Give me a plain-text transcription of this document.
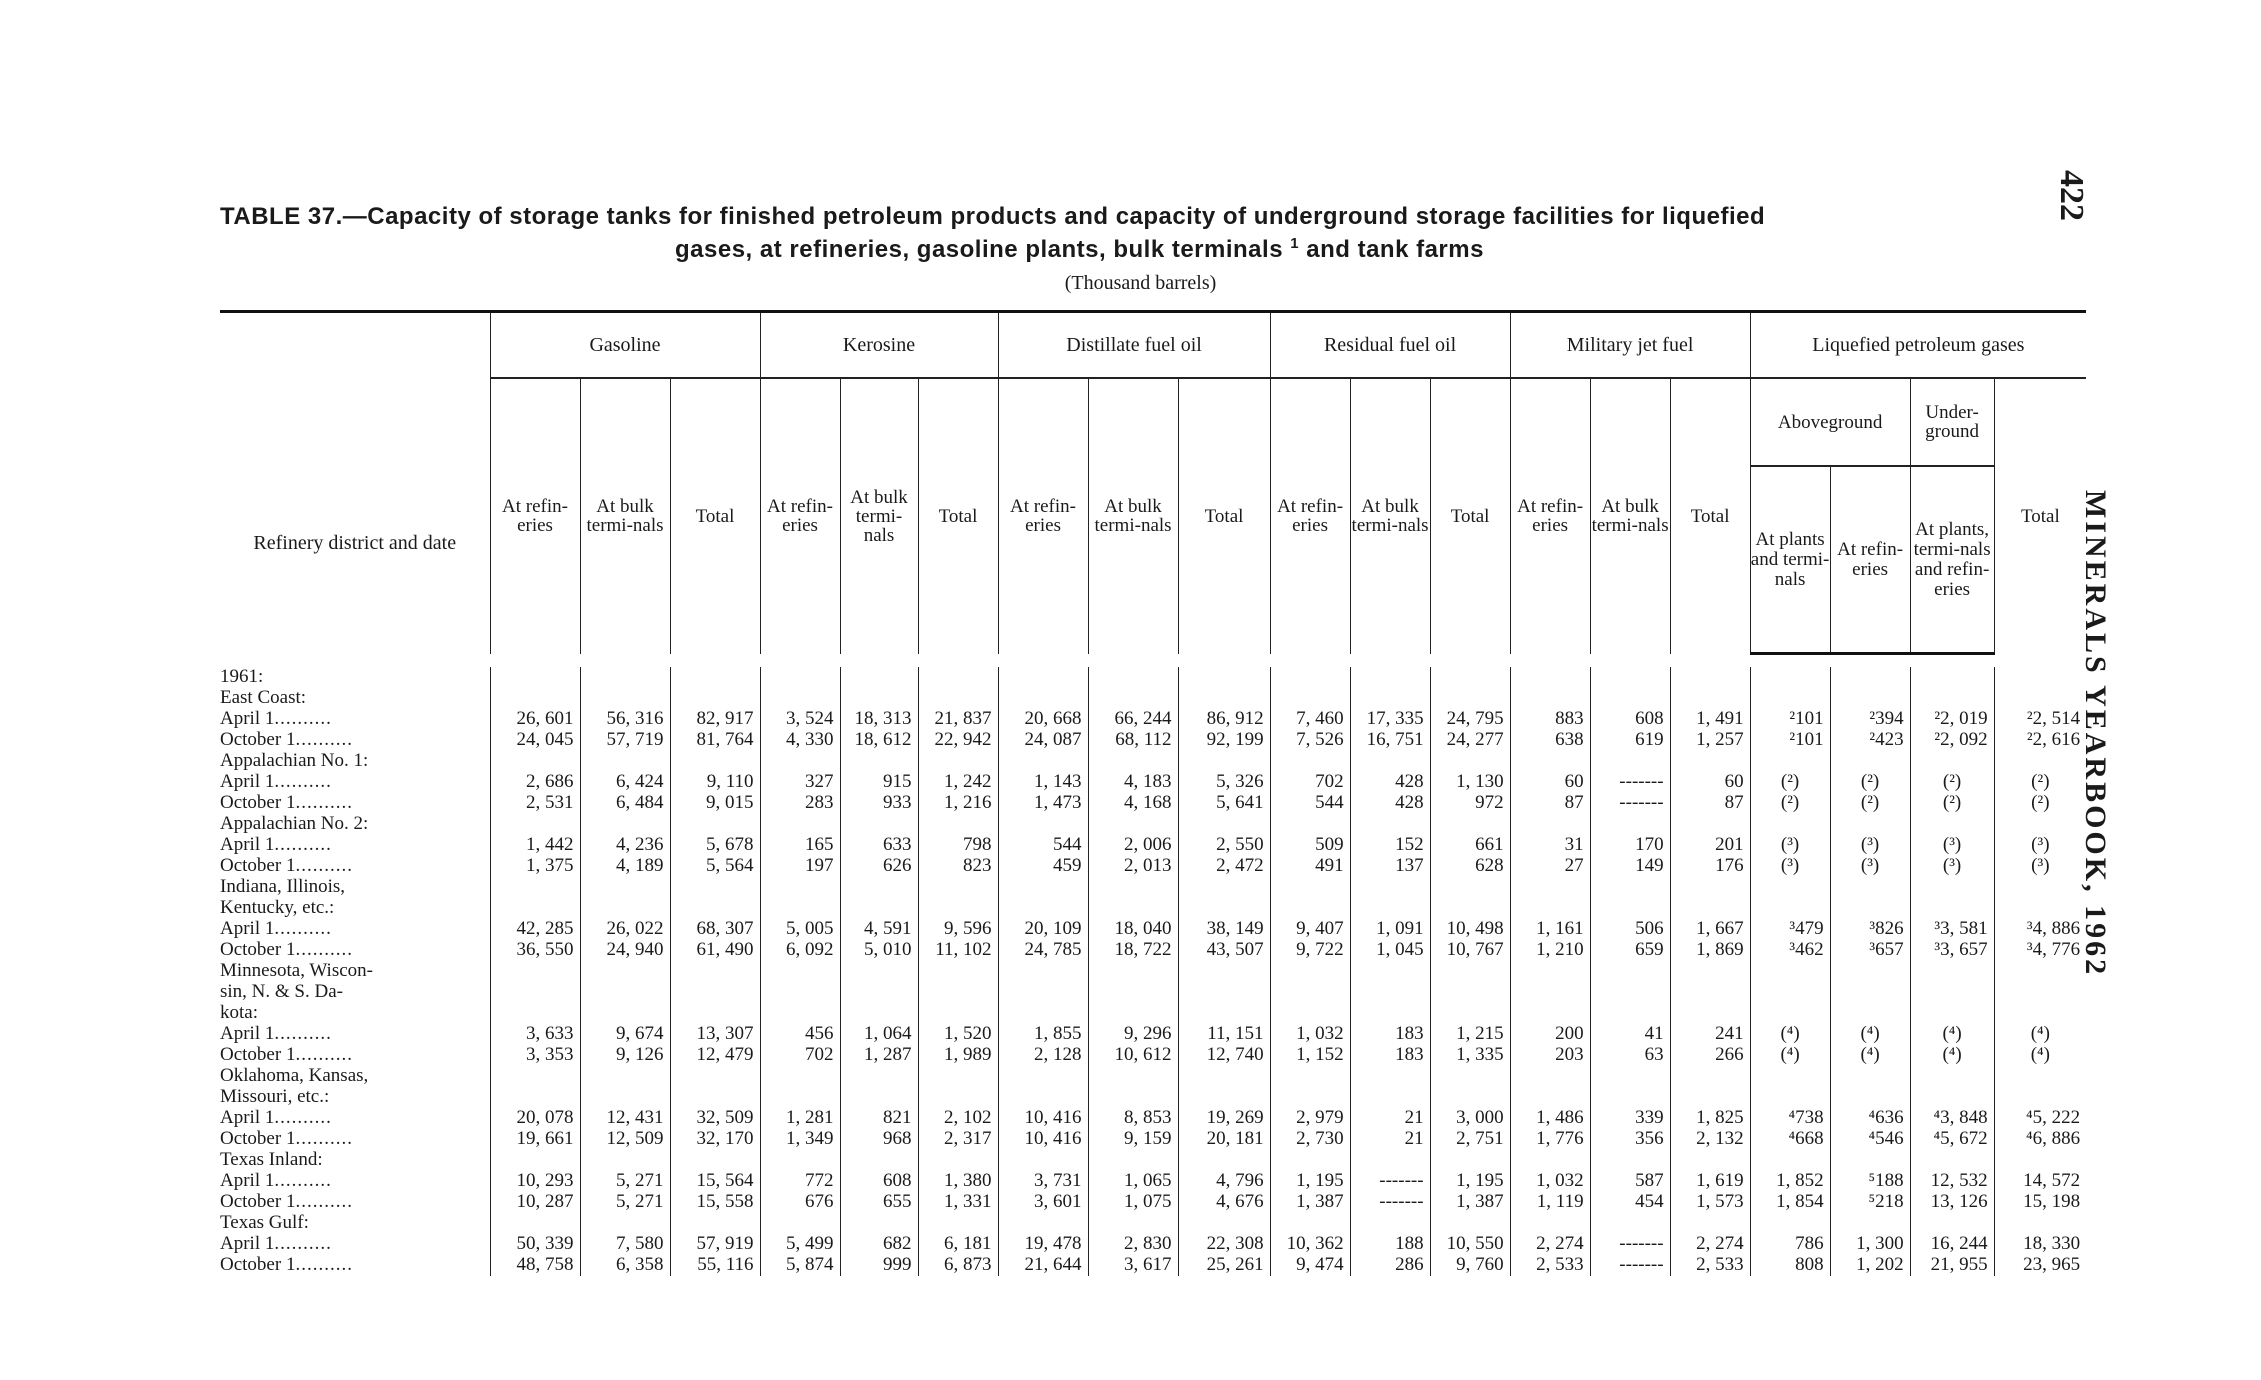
422
MINERALS YEARBOOK, 1962
TABLE 37.—Capacity of storage tanks for finished petroleum products and capacity of underground storage facilities for liquefied
gases, at refineries, gasoline plants, bulk terminals $^1$ and tank farms
(Thousand barrels)
Refinery district and date	Gasoline			Kerosine			Distillate fuel oil			Residual fuel oil			Military jet fuel			Liquefied petroleum gases			
	At refin-eries	At bulk termi-nals	Total	At refin-eries	At bulk termi-nals	Total	At refin-eries	At bulk termi-nals	Total	At refin-eries	At bulk termi-nals	Total	At refin-eries	At bulk termi-nals	Total	Aboveground		Under-ground	Total
																At plants and termi-nals	At refin-eries	At plants, termi-nals and refin-eries	

1961:																			
East Coast:																			
April 1..........	26, 601	56, 316	82, 917	3, 524	18, 313	21, 837	20, 668	66, 244	86, 912	7, 460	17, 335	24, 795	883	608	1, 491	²101	²394	²2, 019	²2, 514
October 1..........	24, 045	57, 719	81, 764	4, 330	18, 612	22, 942	24, 087	68, 112	92, 199	7, 526	16, 751	24, 277	638	619	1, 257	²101	²423	²2, 092	²2, 616
Appalachian No. 1:																			
April 1..........	2, 686	6, 424	9, 110	327	915	1, 242	1, 143	4, 183	5, 326	702	428	1, 130	60	-------	60	(²)	(²)	(²)	(²)
October 1..........	2, 531	6, 484	9, 015	283	933	1, 216	1, 473	4, 168	5, 641	544	428	972	87	-------	87	(²)	(²)	(²)	(²)
Appalachian No. 2:																			
April 1..........	1, 442	4, 236	5, 678	165	633	798	544	2, 006	2, 550	509	152	661	31	170	201	(³)	(³)	(³)	(³)
October 1..........	1, 375	4, 189	5, 564	197	626	823	459	2, 013	2, 472	491	137	628	27	149	176	(³)	(³)	(³)	(³)
Indiana, Illinois,																			
Kentucky, etc.:																			
April 1..........	42, 285	26, 022	68, 307	5, 005	4, 591	9, 596	20, 109	18, 040	38, 149	9, 407	1, 091	10, 498	1, 161	506	1, 667	³479	³826	³3, 581	³4, 886
October 1..........	36, 550	24, 940	61, 490	6, 092	5, 010	11, 102	24, 785	18, 722	43, 507	9, 722	1, 045	10, 767	1, 210	659	1, 869	³462	³657	³3, 657	³4, 776
Minnesota, Wiscon-																			
sin, N. & S. Da-																			
kota:																			
April 1..........	3, 633	9, 674	13, 307	456	1, 064	1, 520	1, 855	9, 296	11, 151	1, 032	183	1, 215	200	41	241	(⁴)	(⁴)	(⁴)	(⁴)
October 1..........	3, 353	9, 126	12, 479	702	1, 287	1, 989	2, 128	10, 612	12, 740	1, 152	183	1, 335	203	63	266	(⁴)	(⁴)	(⁴)	(⁴)
Oklahoma, Kansas,																			
Missouri, etc.:																			
April 1..........	20, 078	12, 431	32, 509	1, 281	821	2, 102	10, 416	8, 853	19, 269	2, 979	21	3, 000	1, 486	339	1, 825	⁴738	⁴636	⁴3, 848	⁴5, 222
October 1..........	19, 661	12, 509	32, 170	1, 349	968	2, 317	10, 416	9, 159	20, 181	2, 730	21	2, 751	1, 776	356	2, 132	⁴668	⁴546	⁴5, 672	⁴6, 886
Texas Inland:																			
April 1..........	10, 293	5, 271	15, 564	772	608	1, 380	3, 731	1, 065	4, 796	1, 195	-------	1, 195	1, 032	587	1, 619	1, 852	⁵188	12, 532	14, 572
October 1..........	10, 287	5, 271	15, 558	676	655	1, 331	3, 601	1, 075	4, 676	1, 387	-------	1, 387	1, 119	454	1, 573	1, 854	⁵218	13, 126	15, 198
Texas Gulf:																			
April 1..........	50, 339	7, 580	57, 919	5, 499	682	6, 181	19, 478	2, 830	22, 308	10, 362	188	10, 550	2, 274	-------	2, 274	786	1, 300	16, 244	18, 330
October 1..........	48, 758	6, 358	55, 116	5, 874	999	6, 873	21, 644	3, 617	25, 261	9, 474	286	9, 760	2, 533	-------	2, 533	808	1, 202	21, 955	23, 965
